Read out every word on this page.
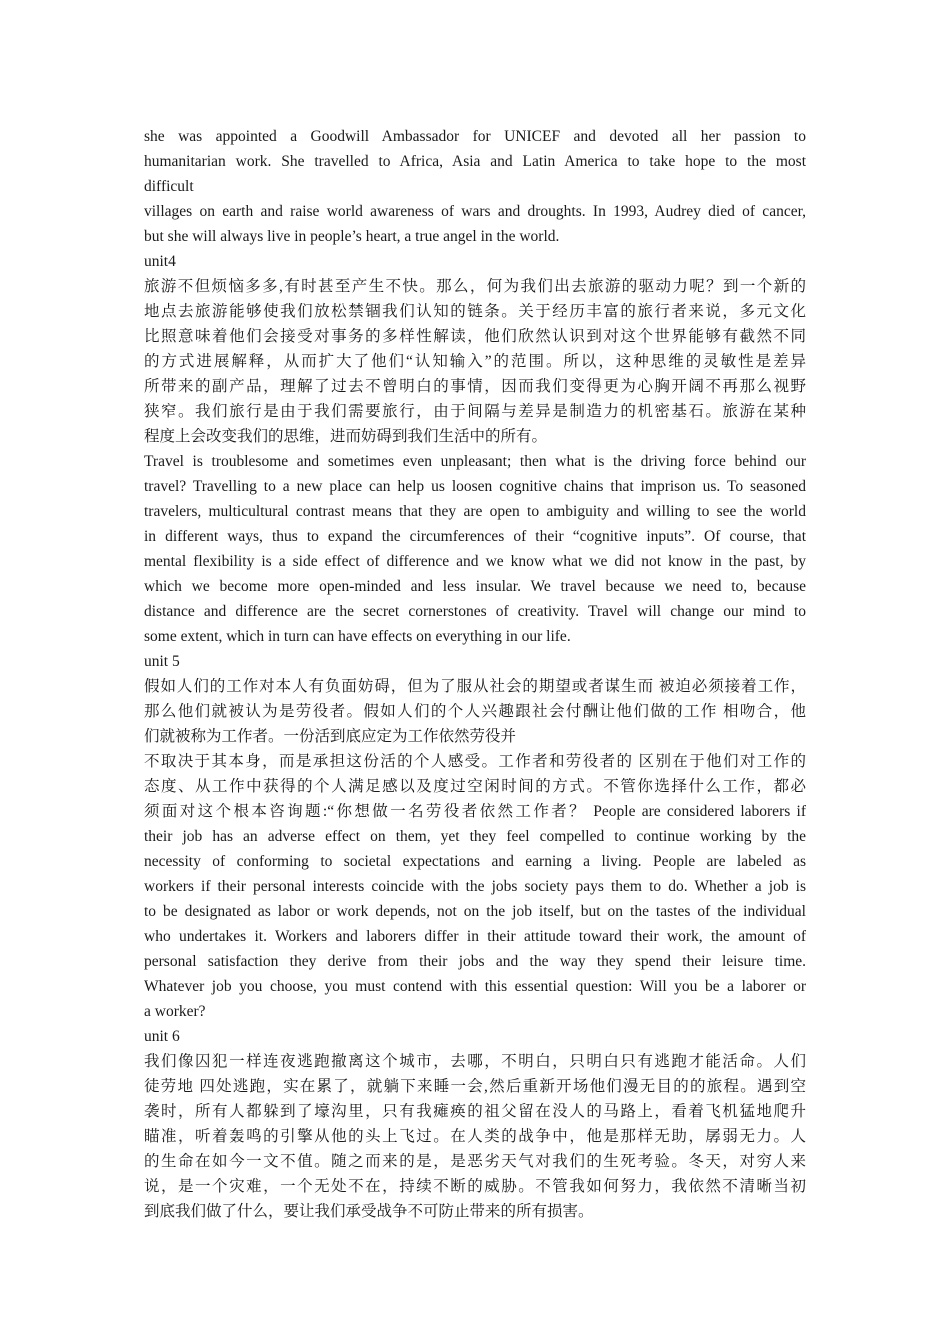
she was appointed a Goodwill Ambassador for UNICEF and devoted all her passion to
humanitarian work. She travelled to Africa, Asia and Latin America to take hope to the most
difficult
villages on earth and raise world awareness of wars and droughts. In 1993, Audrey died of cancer,
but she will always live in people’s heart, a true angel in the world.
unit4
旅游不但烦恼多多,有时甚至产生不快。那么，何为我们出去旅游的驱动力呢？到一个新的
地点去旅游能够使我们放松禁锢我们认知的链条。关于经历丰富的旅行者来说，多元文化
比照意味着他们会接受对事务的多样性解读，他们欣然认识到对这个世界能够有截然不同
的方式进展解释，从而扩大了他们“认知输入”的范围。所以，这种思维的灵敏性是差异
所带来的副产品，理解了过去不曾明白的事情，因而我们变得更为心胸开阔不再那么视野
狭窄。我们旅行是由于我们需要旅行，由于间隔与差异是制造力的机密基石。旅游在某种
程度上会改变我们的思维，进而妨碍到我们生活中的所有。
Travel is troublesome and sometimes even unpleasant; then what is the driving force behind our
travel? Travelling to a new place can help us loosen cognitive chains that imprison us. To seasoned
travelers, multicultural contrast means that they are open to ambiguity and willing to see the world
in different ways, thus to expand the circumferences of their “cognitive inputs”. Of course, that
mental flexibility is a side effect of difference and we know what we did not know in the past, by
which we become more open-minded and less insular. We travel because we need to, because
distance and difference are the secret cornerstones of creativity. Travel will change our mind to
some extent, which in turn can have effects on everything in our life.
unit 5
假如人们的工作对本人有负面妨碍，但为了服从社会的期望或者谋生而 被迫必须接着工作，
那么他们就被认为是劳役者。假如人们的个人兴趣跟社会付酬让他们做的工作 相吻合，他
们就被称为工作者。一份活到底应定为工作依然劳役并
不取决于其本身，而是承担这份活的个人感受。工作者和劳役者的 区别在于他们对工作的
态度、从工作中获得的个人满足感以及度过空闲时间的方式。不管你选择什么工作，都必
须面对这个根本咨询题:“你想做一名劳役者依然工作者？ People are considered laborers if
their job has an adverse effect on them, yet they feel compelled to continue working by the
necessity of conforming to societal expectations and earning a living. People are labeled as
workers if their personal interests coincide with the jobs society pays them to do. Whether a job is
to be designated as labor or work depends, not on the job itself, but on the tastes of the individual
who undertakes it. Workers and laborers differ in their attitude toward their work, the amount of
personal satisfaction they derive from their jobs and the way they spend their leisure time.
Whatever job you choose, you must contend with this essential question: Will you be a laborer or
a worker?
unit 6
我们像囚犯一样连夜逃跑撤离这个城市，去哪，不明白，只明白只有逃跑才能活命。人们
徒劳地 四处逃跑，实在累了，就躺下来睡一会,然后重新开场他们漫无目的的旅程。遇到空
袭时，所有人都躲到了壕沟里，只有我瘫痪的祖父留在没人的马路上，看着飞机猛地爬升
瞄准，听着轰鸣的引擎从他的头上飞过。在人类的战争中，他是那样无助，孱弱无力。人
的生命在如今一文不值。随之而来的是，是恶劣天气对我们的生死考验。冬天，对穷人来
说，是一个灾难，一个无处不在，持续不断的威胁。不管我如何努力，我依然不清晰当初
到底我们做了什么，要让我们承受战争不可防止带来的所有损害。
